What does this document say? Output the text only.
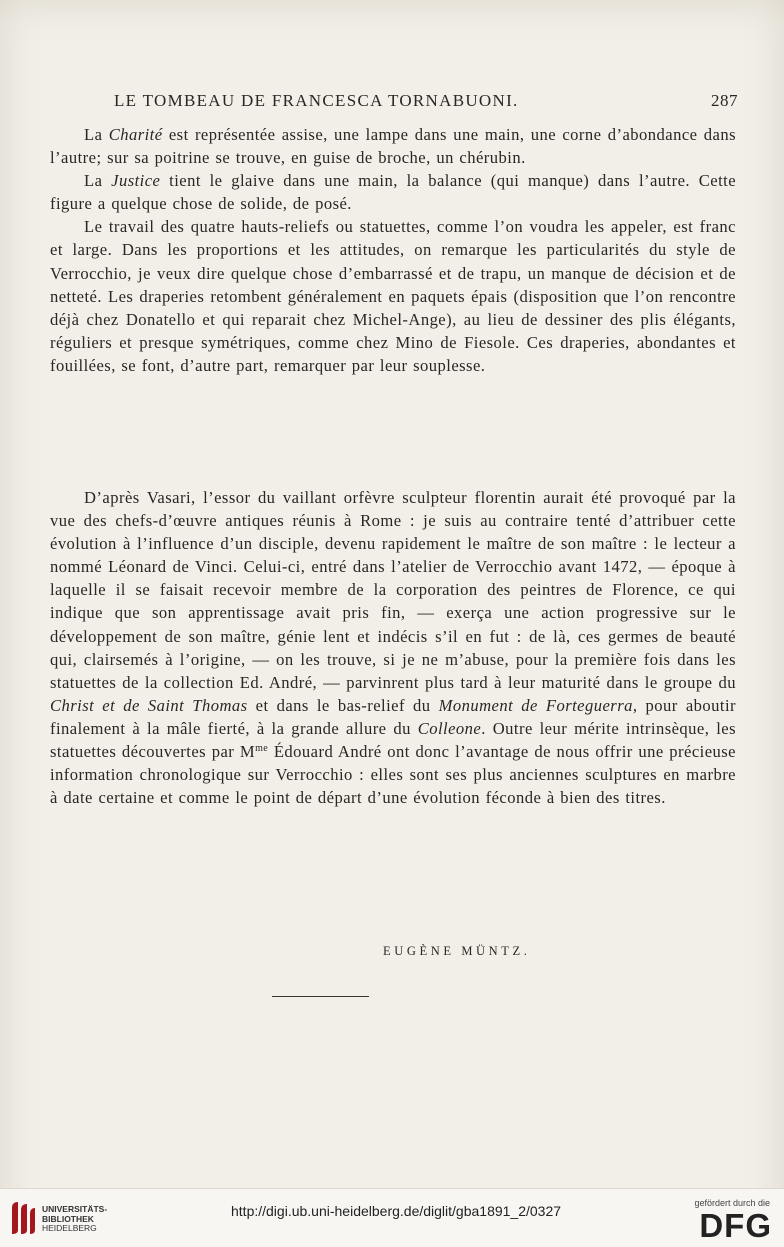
LE TOMBEAU DE FRANCESCA TORNABUONI.	287

La Charité est représentée assise, une lampe dans une main, une corne d’abondance dans l’autre; sur sa poitrine se trouve, en guise de broche, un chérubin.

La Justice tient le glaive dans une main, la balance (qui manque) dans l’autre. Cette figure a quelque chose de solide, de posé.

Le travail des quatre hauts-reliefs ou statuettes, comme l’on voudra les appeler, est franc et large. Dans les proportions et les attitudes, on remarque les particularités du style de Verrocchio, je veux dire quelque chose d’embarrassé et de trapu, un manque de décision et de netteté. Les draperies retombent généralement en paquets épais (disposition que l’on rencontre déjà chez Donatello et qui reparait chez Michel-Ange), au lieu de dessiner des plis élégants, réguliers et presque symétriques, comme chez Mino de Fiesole. Ces draperies, abondantes et fouillées, se font, d’autre part, remarquer par leur souplesse.

D’après Vasari, l’essor du vaillant orfèvre sculpteur florentin aurait été provoqué par la vue des chefs-d’œuvre antiques réunis à Rome : je suis au contraire tenté d’attribuer cette évolution à l’influence d’un disciple, devenu rapidement le maître de son maître : le lecteur a nommé Léonard de Vinci. Celui-ci, entré dans l’atelier de Verrocchio avant 1472, — époque à laquelle il se faisait recevoir membre de la corporation des peintres de Florence, ce qui indique que son apprentissage avait pris fin, — exerça une action progressive sur le développement de son maître, génie lent et indécis s’il en fut : de là, ces germes de beauté qui, clairsemés à l’origine, — on les trouve, si je ne m’abuse, pour la première fois dans les statuettes de la collection Ed. André, — parvinrent plus tard à leur maturité dans le groupe du Christ et de Saint Thomas et dans le bas-relief du Monument de Forteguerra, pour aboutir finalement à la mâle fierté, à la grande allure du Colleone. Outre leur mérite intrinsèque, les statuettes découvertes par $M^{me}$ Édouard André ont donc l’avantage de nous offrir une précieuse information chronologique sur Verrocchio : elles sont ses plus anciennes sculptures en marbre à date certaine et comme le point de départ d’une évolution féconde à bien des titres.

EUGÈNE MÜNTZ.
UNIVERSITÄTS-
BIBLIOTHEK
HEIDELBERG
http://digi.ub.uni-heidelberg.de/diglit/gba1891_2/0327	gefördert durch die
DFG
